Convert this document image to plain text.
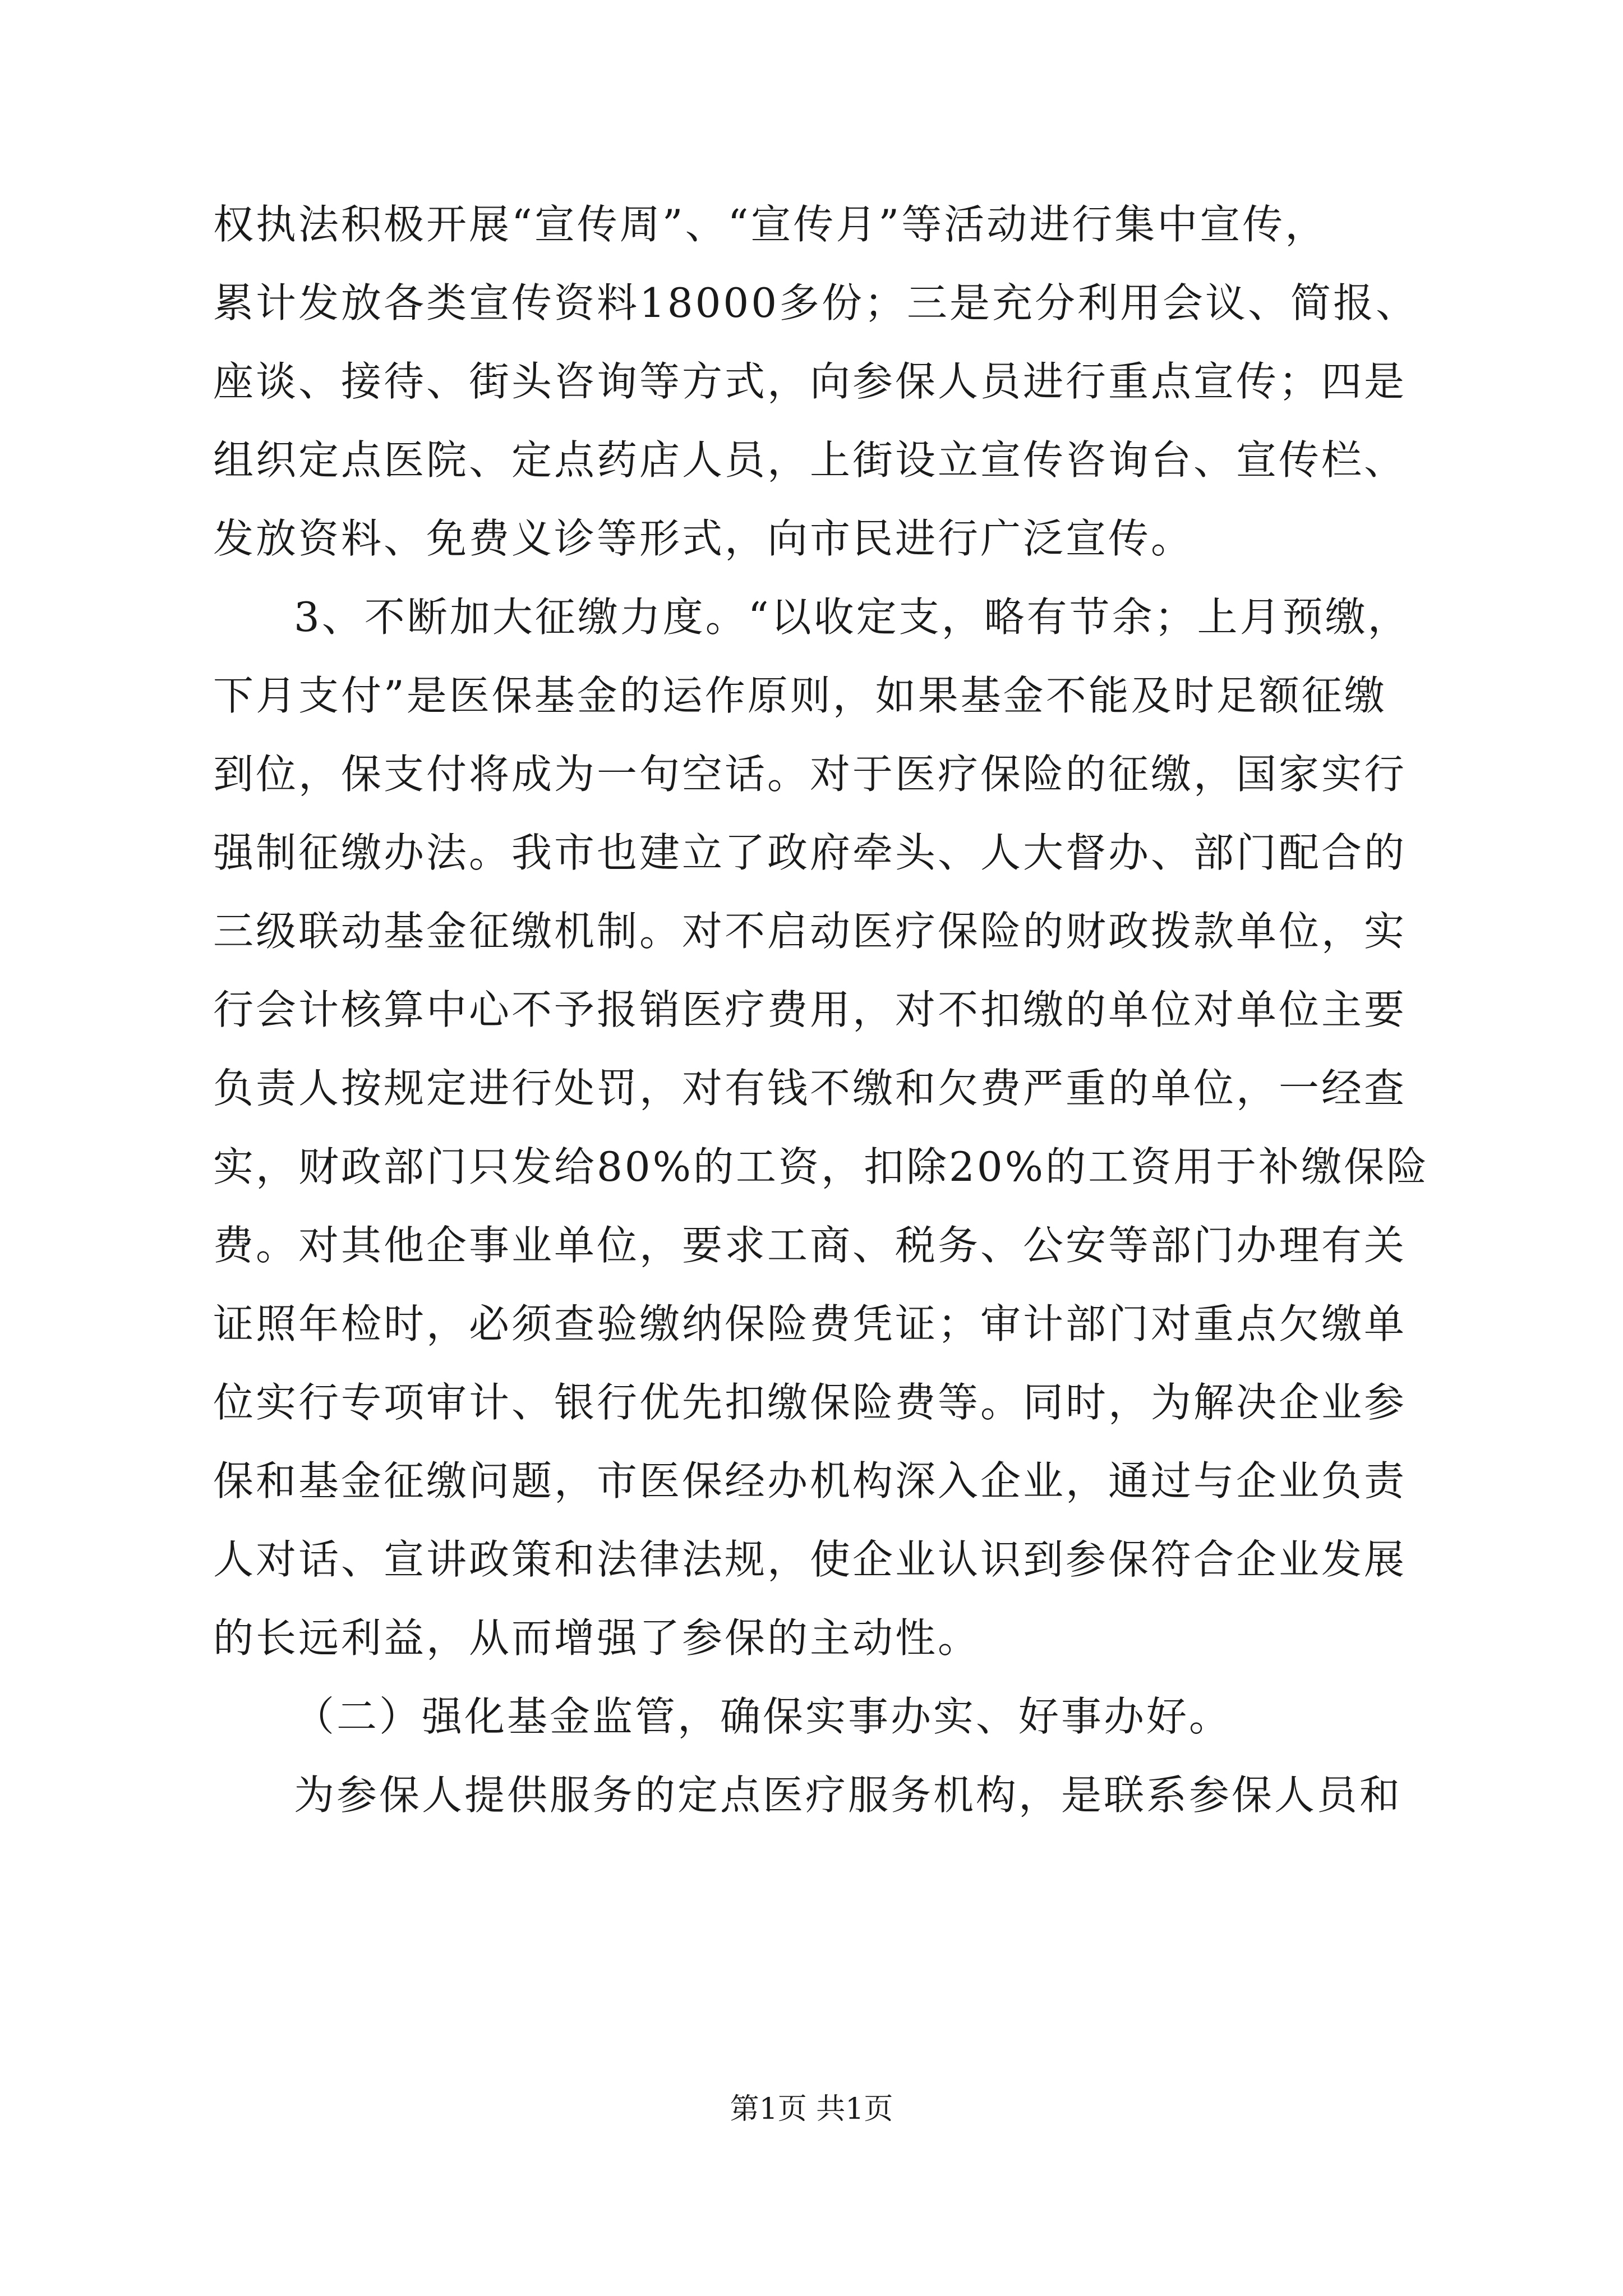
权执法积极开展“宣传周”、“宣传月”等活动进行集中宣传，
累计发放各类宣传资料18000多份；三是充分利用会议、简报、
座谈、接待、街头咨询等方式，向参保人员进行重点宣传；四是
组织定点医院、定点药店人员，上街设立宣传咨询台、宣传栏、
发放资料、免费义诊等形式，向市民进行广泛宣传。
3、不断加大征缴力度。“以收定支，略有节余；上月预缴，
下月支付”是医保基金的运作原则，如果基金不能及时足额征缴
到位，保支付将成为一句空话。对于医疗保险的征缴，国家实行
强制征缴办法。我市也建立了政府牵头、人大督办、部门配合的
三级联动基金征缴机制。对不启动医疗保险的财政拨款单位，实
行会计核算中心不予报销医疗费用，对不扣缴的单位对单位主要
负责人按规定进行处罚，对有钱不缴和欠费严重的单位，一经查
实，财政部门只发给80%的工资，扣除20%的工资用于补缴保险
费。对其他企事业单位，要求工商、税务、公安等部门办理有关
证照年检时，必须查验缴纳保险费凭证；审计部门对重点欠缴单
位实行专项审计、银行优先扣缴保险费等。同时，为解决企业参
保和基金征缴问题，市医保经办机构深入企业，通过与企业负责
人对话、宣讲政策和法律法规，使企业认识到参保符合企业发展
的长远利益，从而增强了参保的主动性。
（二）强化基金监管，确保实事办实、好事办好。
为参保人提供服务的定点医疗服务机构，是联系参保人员和
第1页 共1页
